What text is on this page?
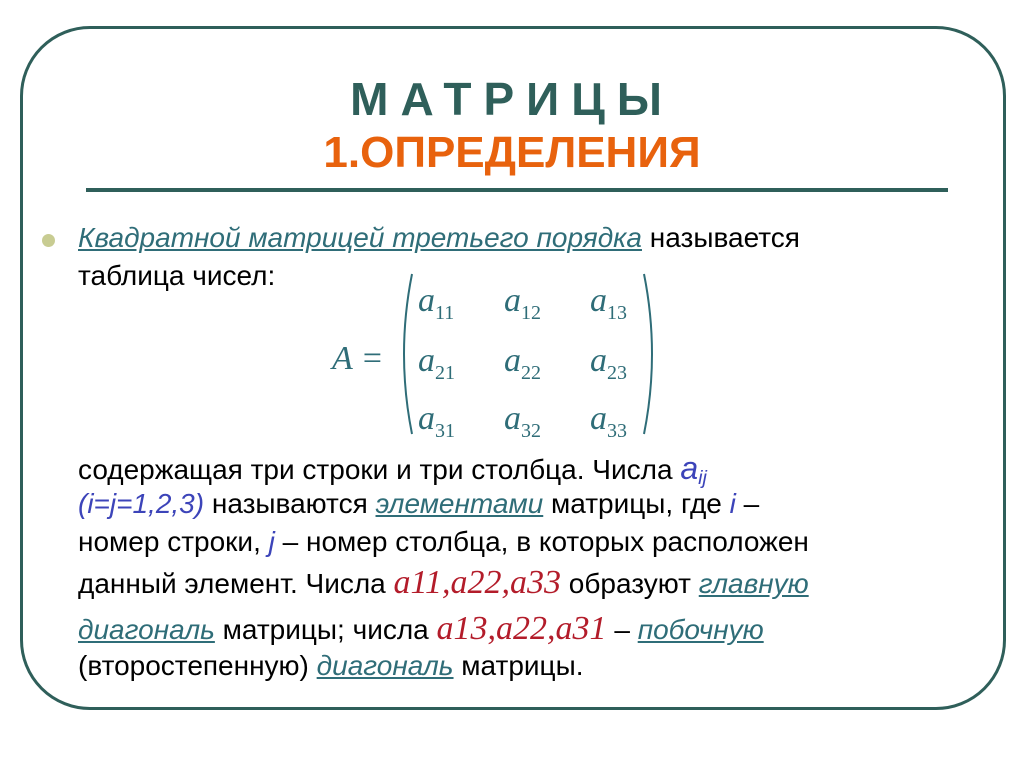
МАТРИЦЫ
1.ОПРЕДЕЛЕНИЯ
Квадратной матрицей третьего порядка называется
таблица чисел:
A =
$a_{11}$ $a_{12}$ $a_{13}$
$a_{21}$ $a_{22}$ $a_{23}$
$a_{31}$ $a_{32}$ $a_{33}$
содержащая три строки и три столбца. Числа $a_{ij}$
(i=j=1,2,3) называются элементами матрицы, где i –
номер строки, j – номер столбца, в которых расположен
данный элемент. Числа a11,a22,a33 образуют главную
диагональ матрицы; числа a13,a22,a31 – побочную
(второстепенную) диагональ матрицы.
